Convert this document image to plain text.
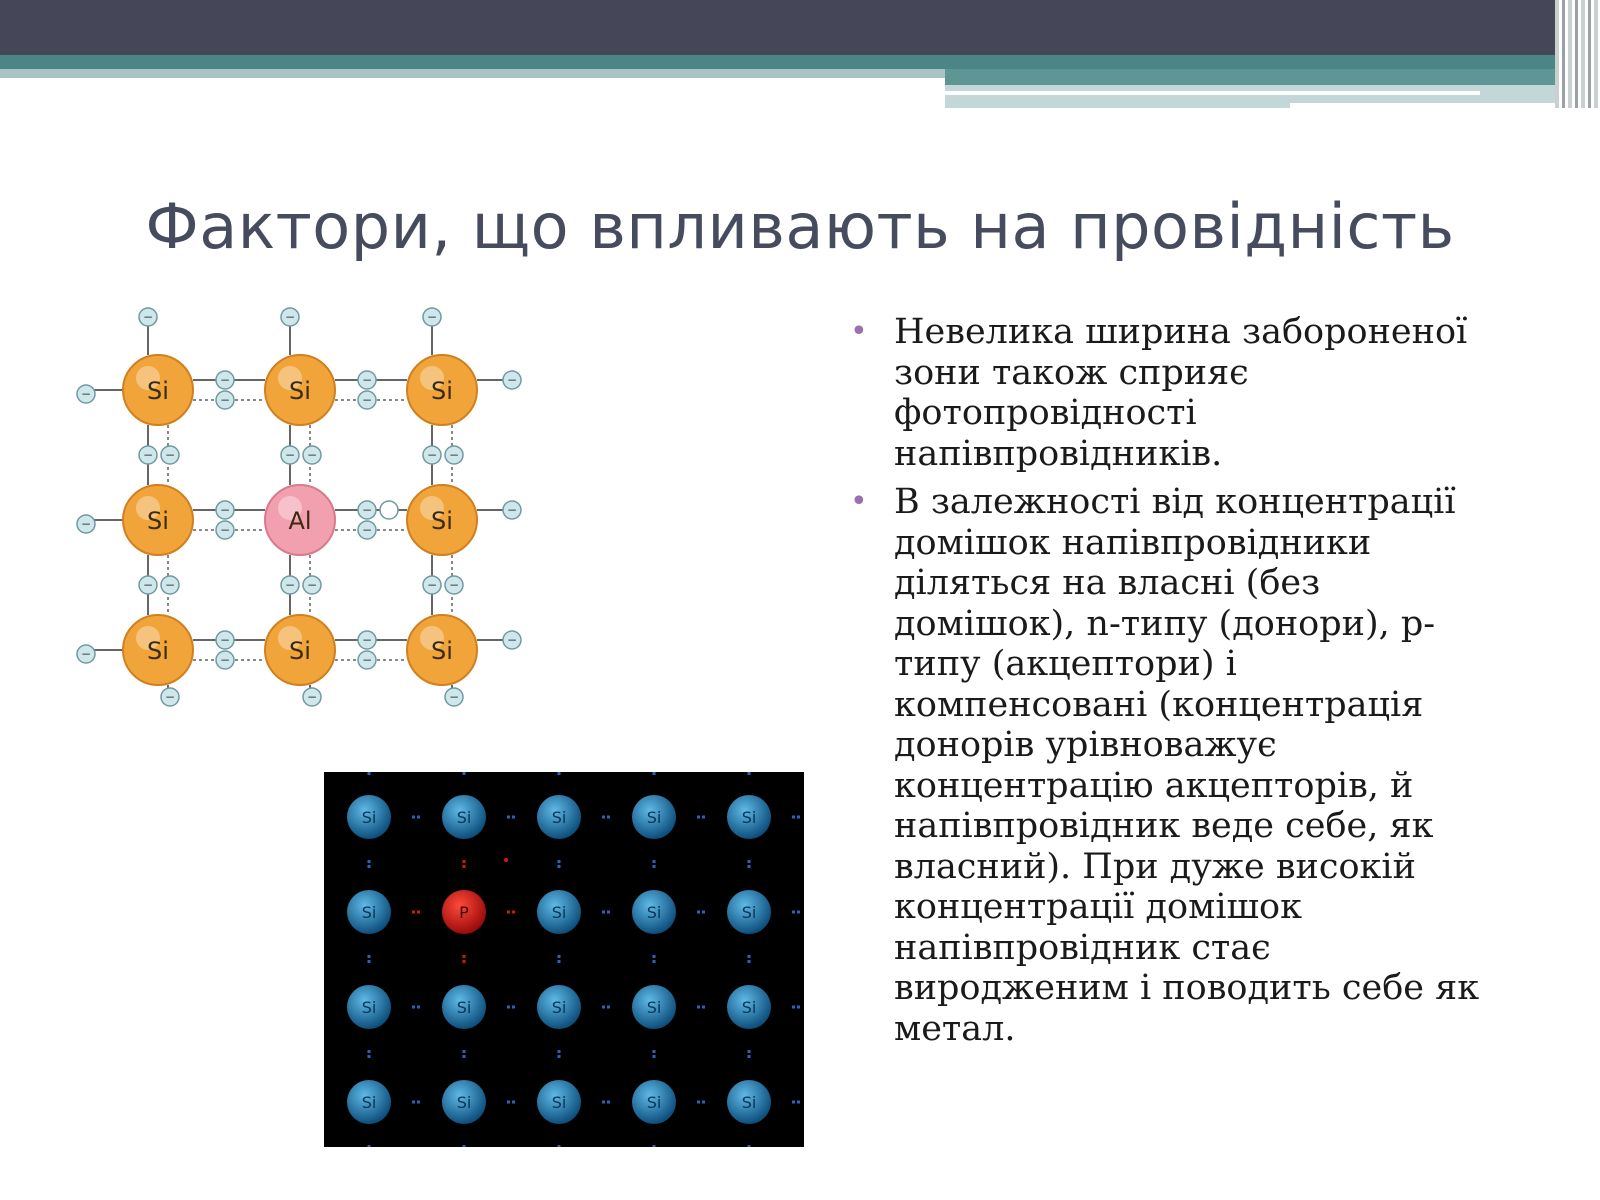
Фактори, що впливають на провідність
• Невелика ширина забороненої зони також сприяє фотопровідності напівпровідників.
• В залежності від концентрації домішок напівпровідники діляться на власні (без домішок), n-типу (донори), p-типу (акцептори) і компенсовані (концентрація донорів урівноважує концентрацію акцепторів, й напівпровідник веде себе, як власний). При дуже високій концентрації домішок напівпровідник стає виродженим і поводить себе як метал.
−
−
−
−
−
−
−
−
−
−
−
−
− −
− −
− −
− −
− −
− −
−
−
−
−
−
−
−
−
−
−
−
−
Si	Si	Si
Si	Al	Si
Si	Si	Si
Si	Si	Si	Si	Si
Si	P	Si	Si	Si
Si	Si	Si	Si	Si
Si	Si	Si	Si	Si
